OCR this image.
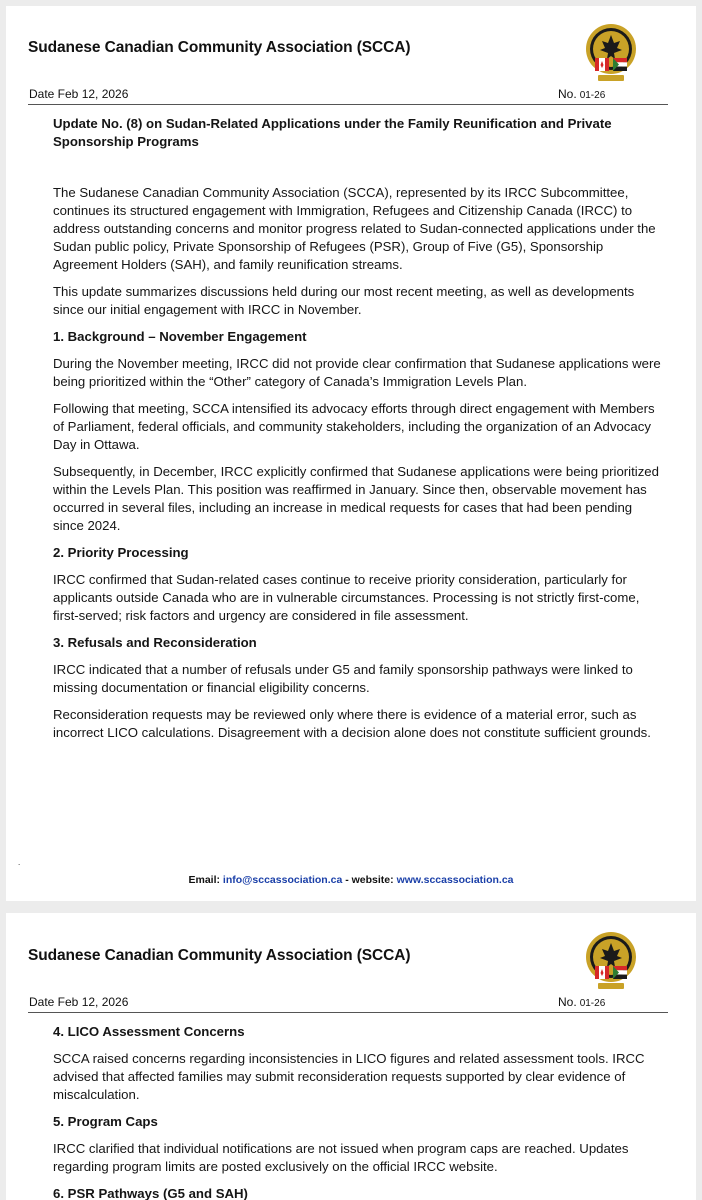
Sudanese Canadian Community Association (SCCA)
Date Feb 12, 2026	No. 01-26
Update No. (8) on Sudan-Related Applications under the Family Reunification and Private Sponsorship Programs

The Sudanese Canadian Community Association (SCCA), represented by its IRCC Subcommittee, continues its structured engagement with Immigration, Refugees and Citizenship Canada (IRCC) to address outstanding concerns and monitor progress related to Sudan-connected applications under the Sudan public policy, Private Sponsorship of Refugees (PSR), Group of Five (G5), Sponsorship Agreement Holders (SAH), and family reunification streams.

This update summarizes discussions held during our most recent meeting, as well as developments since our initial engagement with IRCC in November.

1. Background – November Engagement

During the November meeting, IRCC did not provide clear confirmation that Sudanese applications were being prioritized within the “Other” category of Canada’s Immigration Levels Plan.

Following that meeting, SCCA intensified its advocacy efforts through direct engagement with Members of Parliament, federal officials, and community stakeholders, including the organization of an Advocacy Day in Ottawa.

Subsequently, in December, IRCC explicitly confirmed that Sudanese applications were being prioritized within the Levels Plan. This position was reaffirmed in January. Since then, observable movement has occurred in several files, including an increase in medical requests for cases that had been pending since 2024.

2. Priority Processing

IRCC confirmed that Sudan-related cases continue to receive priority consideration, particularly for applicants outside Canada who are in vulnerable circumstances. Processing is not strictly first-come, first-served; risk factors and urgency are considered in file assessment.

3. Refusals and Reconsideration

IRCC indicated that a number of refusals under G5 and family sponsorship pathways were linked to missing documentation or financial eligibility concerns.

Reconsideration requests may be reviewed only where there is evidence of a material error, such as incorrect LICO calculations. Disagreement with a decision alone does not constitute sufficient grounds.

.
Email: info@sccassociation.ca - website: www.sccassociation.ca
Sudanese Canadian Community Association (SCCA)
Date Feb 12, 2026	No. 01-26
4. LICO Assessment Concerns

SCCA raised concerns regarding inconsistencies in LICO figures and related assessment tools. IRCC advised that affected families may submit reconsideration requests supported by clear evidence of miscalculation.

5. Program Caps

IRCC clarified that individual notifications are not issued when program caps are reached. Updates regarding program limits are posted exclusively on the official IRCC website.

6. PSR Pathways (G5 and SAH)
